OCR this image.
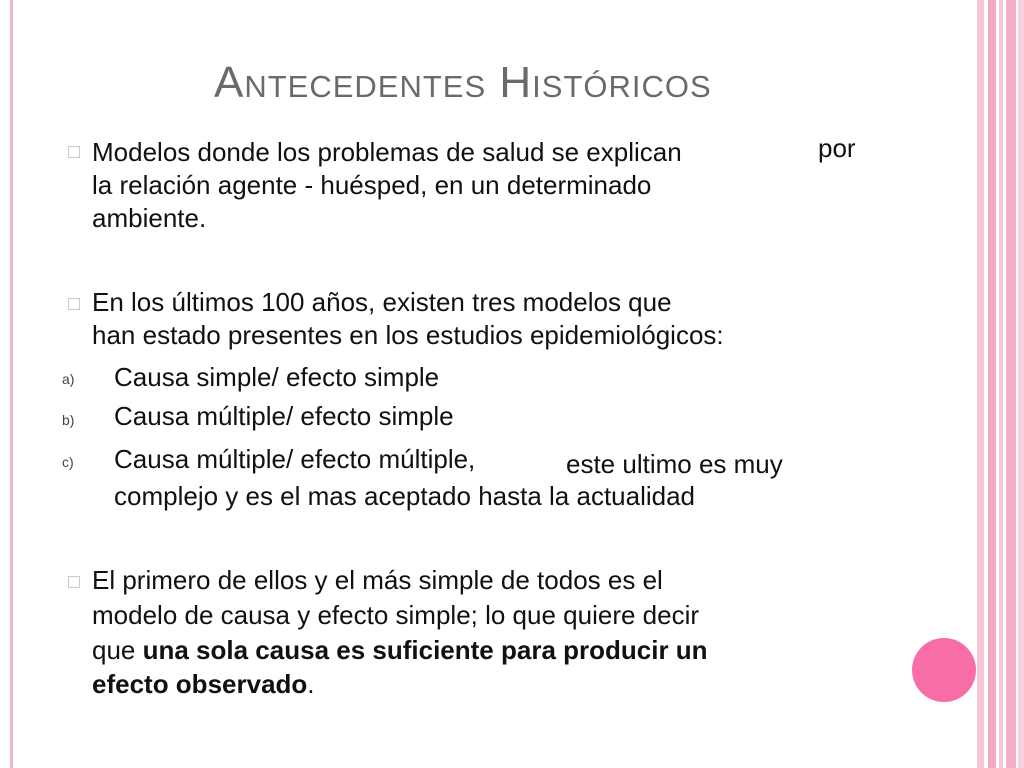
Antecedentes Históricos

Modelos donde los problemas de salud se explican	por

la relación agente - huésped, en un determinado

ambiente.

En los últimos 100 años, existen tres modelos que

han estado presentes en los estudios epidemiológicos:

a) Causa simple/ efecto simple

b) Causa múltiple/ efecto simple

c) Causa múltiple/ efecto múltiple,	este ultimo es muy

complejo y es el mas aceptado hasta la actualidad

El primero de ellos y el más simple de todos es el

modelo de causa y efecto simple; lo que quiere decir

que una sola causa es suficiente para producir un

efecto observado.
